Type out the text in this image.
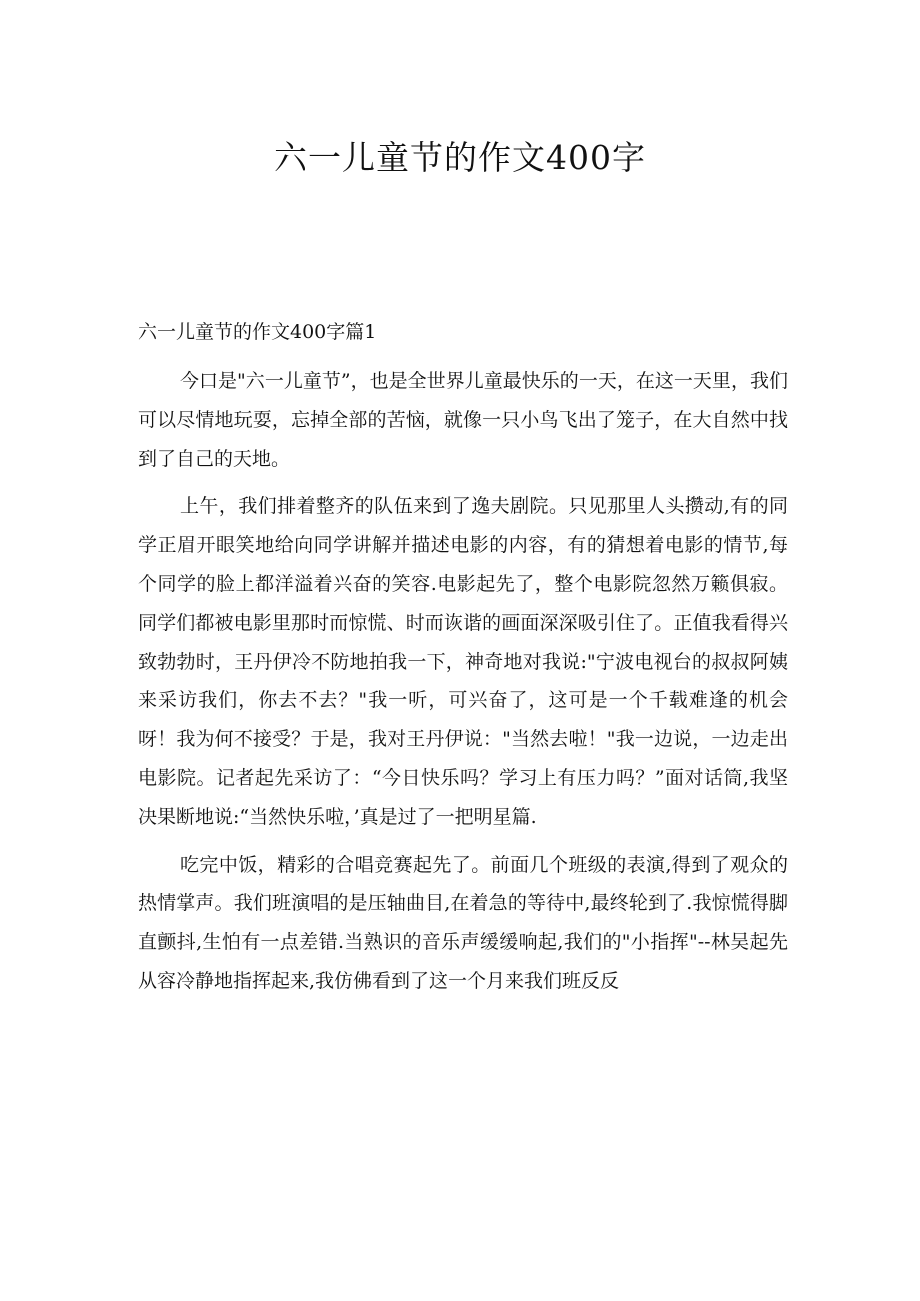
六一儿童节的作文400字
六一儿童节的作文400字篇1

今口是"六一儿童节”，也是全世界儿童最快乐的一天，在这一天里，我们可以尽情地玩耍，忘掉全部的苦恼，就像一只小鸟飞出了笼子，在大自然中找到了自己的天地。

上午，我们排着整齐的队伍来到了逸夫剧院。只见那里人头攒动,有的同学正眉开眼笑地给向同学讲解并描述电影的内容，有的猜想着电影的情节,每个同学的脸上都洋溢着兴奋的笑容.电影起先了，整个电影院忽然万籁俱寂。同学们都被电影里那时而惊慌、时而诙谐的画面深深吸引住了。正值我看得兴致勃勃时，王丹伊冷不防地拍我一下，神奇地对我说:"宁波电视台的叔叔阿姨来采访我们，你去不去？"我一听，可兴奋了，这可是一个千载难逢的机会呀！我为何不接受？于是，我对王丹伊说："当然去啦！"我一边说，一边走出电影院。记者起先采访了：“今日快乐吗？学习上有压力吗？”面对话筒,我坚决果断地说:“当然快乐啦，’真是过了一把明星篇.

吃完中饭，精彩的合唱竞赛起先了。前面几个班级的表演,得到了观众的热情掌声。我们班演唱的是压轴曲目,在着急的等待中,最终轮到了.我惊慌得脚直颤抖,生怕有一点差错.当熟识的音乐声缓缓响起,我们的"小指挥"--林吴起先从容冷静地指挥起来,我仿佛看到了这一个月来我们班反反
